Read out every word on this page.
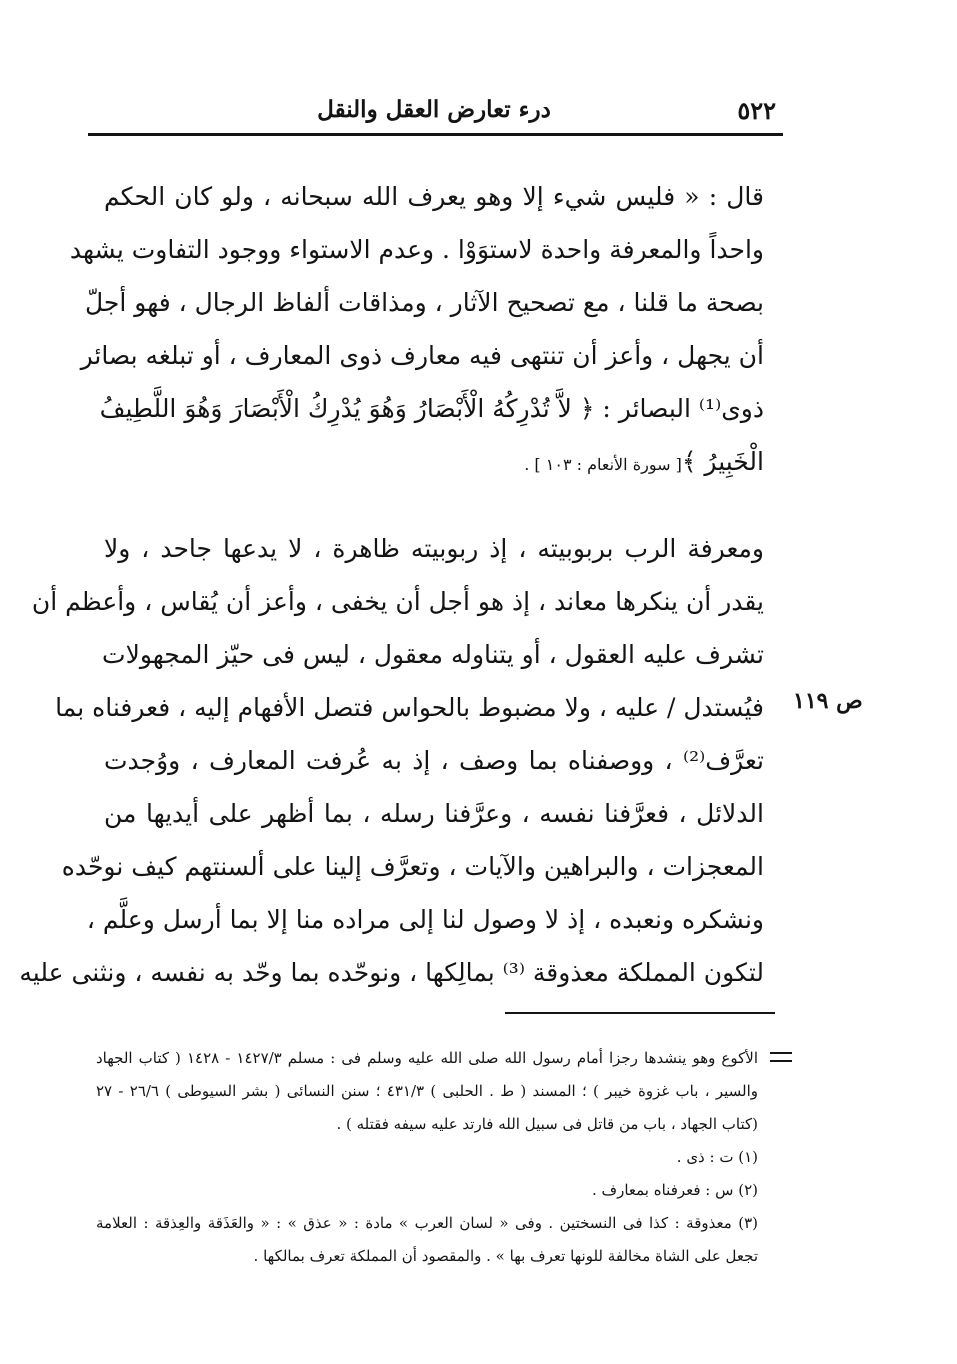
درء تعارض العقل والنقل	٥٢٢
قال : « فليس شيء إلا وهو يعرف الله سبحانه ، ولو كان الحكم
واحداً والمعرفة واحدة لاستوَوْا . وعدم الاستواء ووجود التفاوت يشهد
بصحة ما قلنا ، مع تصحيح الآثار ، ومذاقات ألفاظ الرجال ، فهو أجلّ
أن يجهل ، وأعز أن تنتهى فيه معارف ذوى المعارف ، أو تبلغه بصائر
ذوى⁽¹⁾ البصائر : ﴿ لاَّ تُدْرِكُهُ الْأَبْصَارُ وَهُوَ يُدْرِكُ الْأَبْصَارَ وَهُوَ اللَّطِيفُ
الْخَبِيرُ ﴾[ سورة الأنعام : ١٠٣ ] .
ومعرفة الرب بربوبيته ، إذ ربوبيته ظاهرة ، لا يدعها جاحد ، ولا
يقدر أن ينكرها معاند ، إذ هو أجل أن يخفى ، وأعز أن يُقاس ، وأعظم أن
تشرف عليه العقول ، أو يتناوله معقول ، ليس فى حيّز المجهولات
فيُستدل / عليه ، ولا مضبوط بالحواس فتصل الأفهام إليه ، فعرفناه بما
تعرَّف⁽²⁾ ، ووصفناه بما وصف ، إذ به عُرفت المعارف ، ووُجدت
الدلائل ، فعرَّفنا نفسه ، وعرَّفنا رسله ، بما أظهر على أيديها من
المعجزات ، والبراهين والآيات ، وتعرَّف إلينا على ألسنتهم كيف نوحّده
ونشكره ونعبده ، إذ لا وصول لنا إلى مراده منا إلا بما أرسل وعلَّم ،
لتكون المملكة معذوقة ⁽³⁾ بمالِكها ، ونوحّده بما وحّد به نفسه ، ونثنى عليه
ص ١١٩
الأكوع وهو ينشدها رجزا أمام رسول الله صلى الله عليه وسلم فى : مسلم ١٤٢٧/٣ - ١٤٢٨ ( كتاب الجهاد
والسير ، باب غزوة خيبر ) ؛ المسند ( ط . الحلبى ) ٤٣١/٣ ؛ سنن النسائى ( بشر السيوطى ) ٢٦/٦ - ٢٧
(كتاب الجهاد ، باب من قاتل فى سبيل الله فارتد عليه سيفه فقتله ) .
(١) ت : ذى .
(٢) س : فعرفناه بمعارف .
(٣) معذوقة : كذا فى النسختين . وفى « لسان العرب » مادة : « عذق » : « والعَذَقة والعِذقة : العلامة
تجعل على الشاة مخالفة للونها تعرف بها » . والمقصود أن المملكة تعرف بمالكها .
